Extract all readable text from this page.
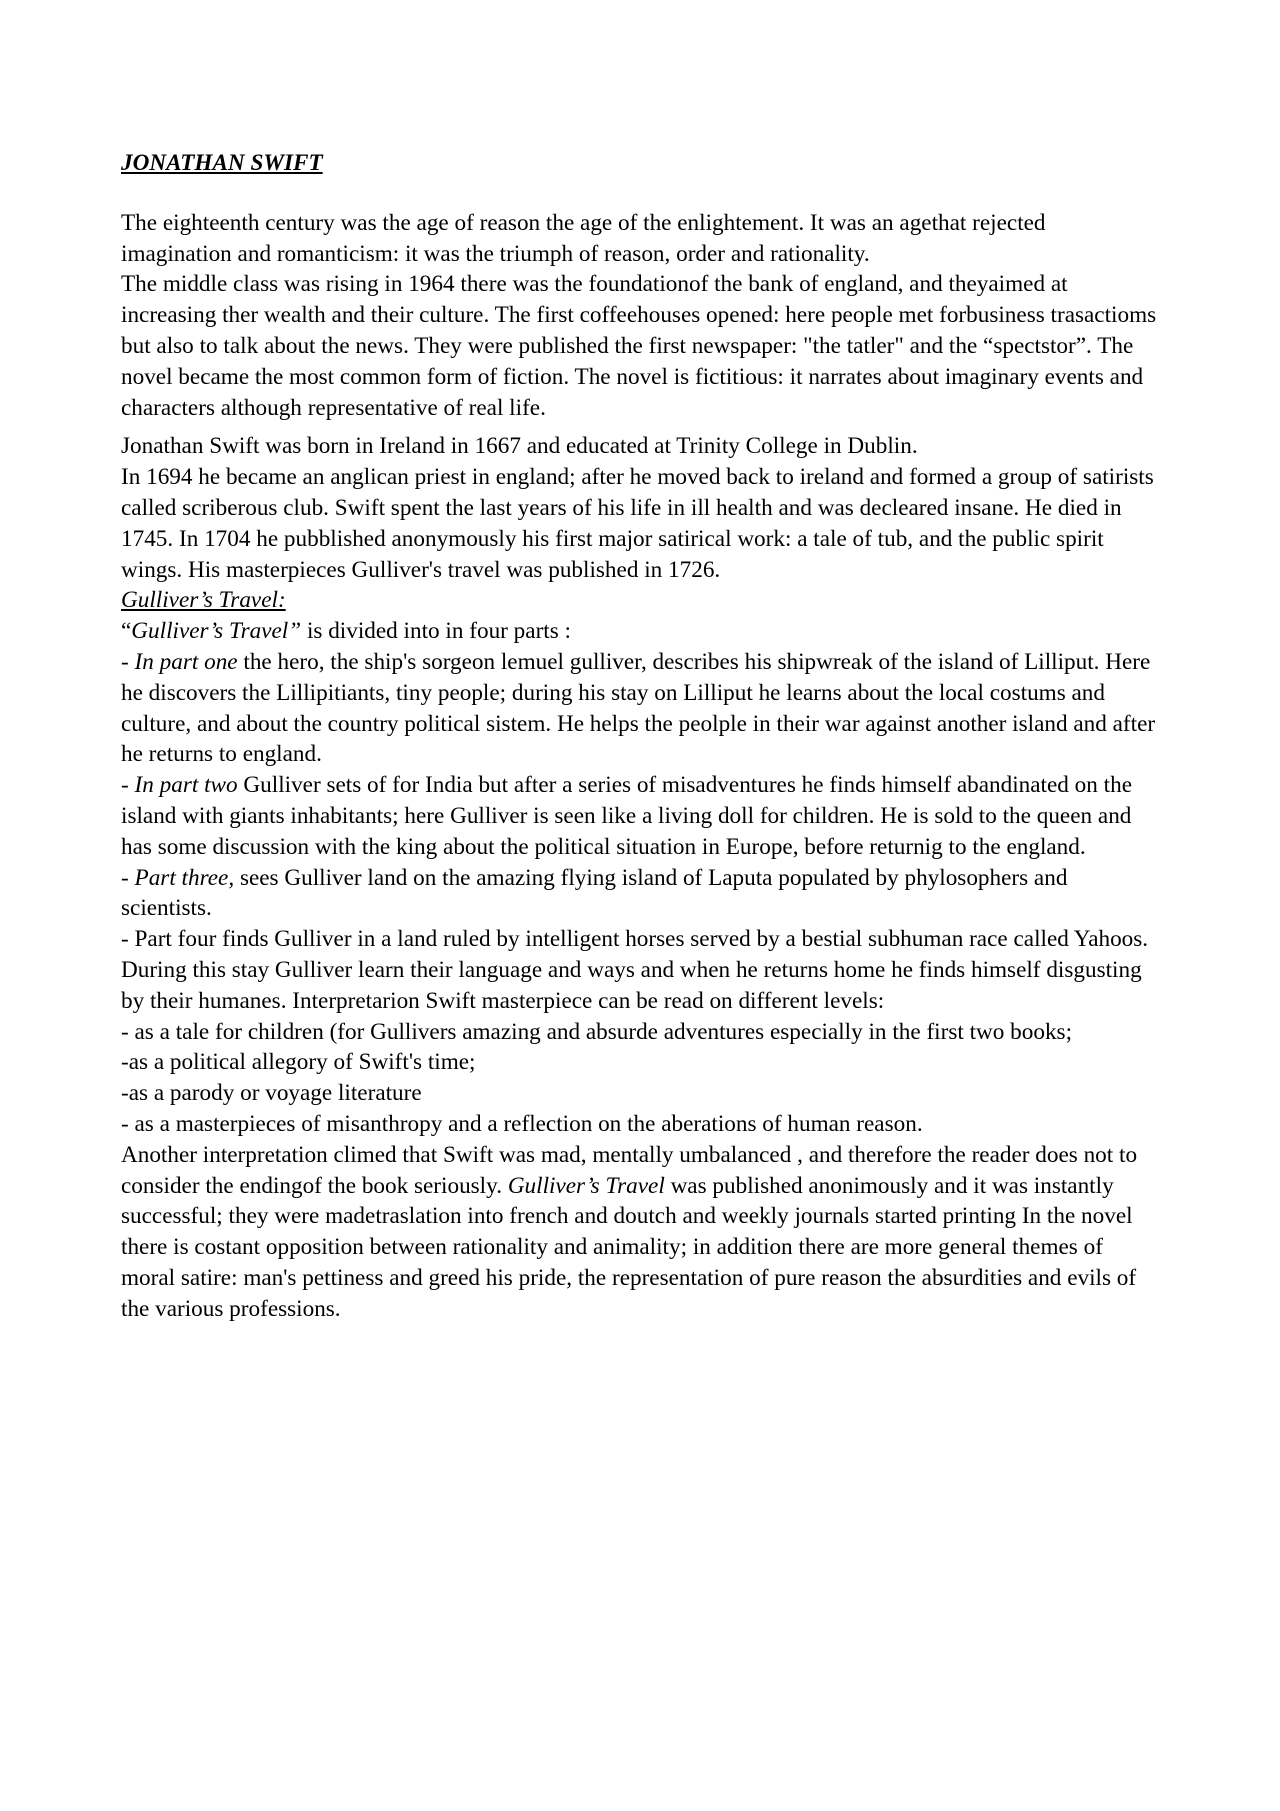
JONATHAN SWIFT

The eighteenth century was the age of reason the age of the enlightement. It was an agethat rejected imagination and romanticism: it was the triumph of reason, order and rationality.

The middle class was rising in 1964 there was the foundationof the bank of england, and theyaimed at increasing ther wealth and their culture. The first coffeehouses opened: here people met forbusiness trasactioms but also to talk about the news. They were published the first newspaper: "the tatler" and the “spectstor”. The novel became the most common form of fiction. The novel is fictitious: it narrates about imaginary events and characters although representative of real life.

Jonathan Swift was born in Ireland in 1667 and educated at Trinity College in Dublin.

In 1694 he became an anglican priest in england; after he moved back to ireland and formed a group of satirists called scriberous club. Swift spent the last years of his life in ill health and was decleared insane. He died in 1745. In 1704 he pubblished anonymously his first major satirical work: a tale of tub, and the public spirit wings. His masterpieces Gulliver's travel was published in 1726.

Gulliver’s Travel:

“Gulliver’s Travel” is divided into in four parts :

- In part one the hero, the ship's sorgeon lemuel gulliver, describes his shipwreak of the island of Lilliput. Here he discovers the Lillipitiants, tiny people; during his stay on Lilliput he learns about the local costums and culture, and about the country political sistem. He helps the peolple in their war against another island and after he returns to england.

- In part two Gulliver sets of for India but after a series of misadventures he finds himself abandinated on the island with giants inhabitants; here Gulliver is seen like a living doll for children. He is sold to the queen and has some discussion with the king about the political situation in Europe, before returnig to the england.

- Part three, sees Gulliver land on the amazing flying island of Laputa populated by phylosophers and scientists.

- Part four finds Gulliver in a land ruled by intelligent horses served by a bestial subhuman race called Yahoos. During this stay Gulliver learn their language and ways and when he returns home he finds himself disgusting by their humanes. Interpretarion Swift masterpiece can be read on different levels:

- as a tale for children (for Gullivers amazing and absurde adventures especially in the first two books;

-as a political allegory of Swift's time;

-as a parody or voyage literature

- as a masterpieces of misanthropy and a reflection on the aberations of human reason.

Another interpretation climed that Swift was mad, mentally umbalanced , and therefore the reader does not to consider the endingof the book seriously. Gulliver’s Travel was published anonimously and it was instantly successful; they were madetraslation into french and doutch and weekly journals started printing In the novel there is costant opposition between rationality and animality; in addition there are more general themes of moral satire: man's pettiness and greed his pride, the representation of pure reason the absurdities and evils of the various professions.
